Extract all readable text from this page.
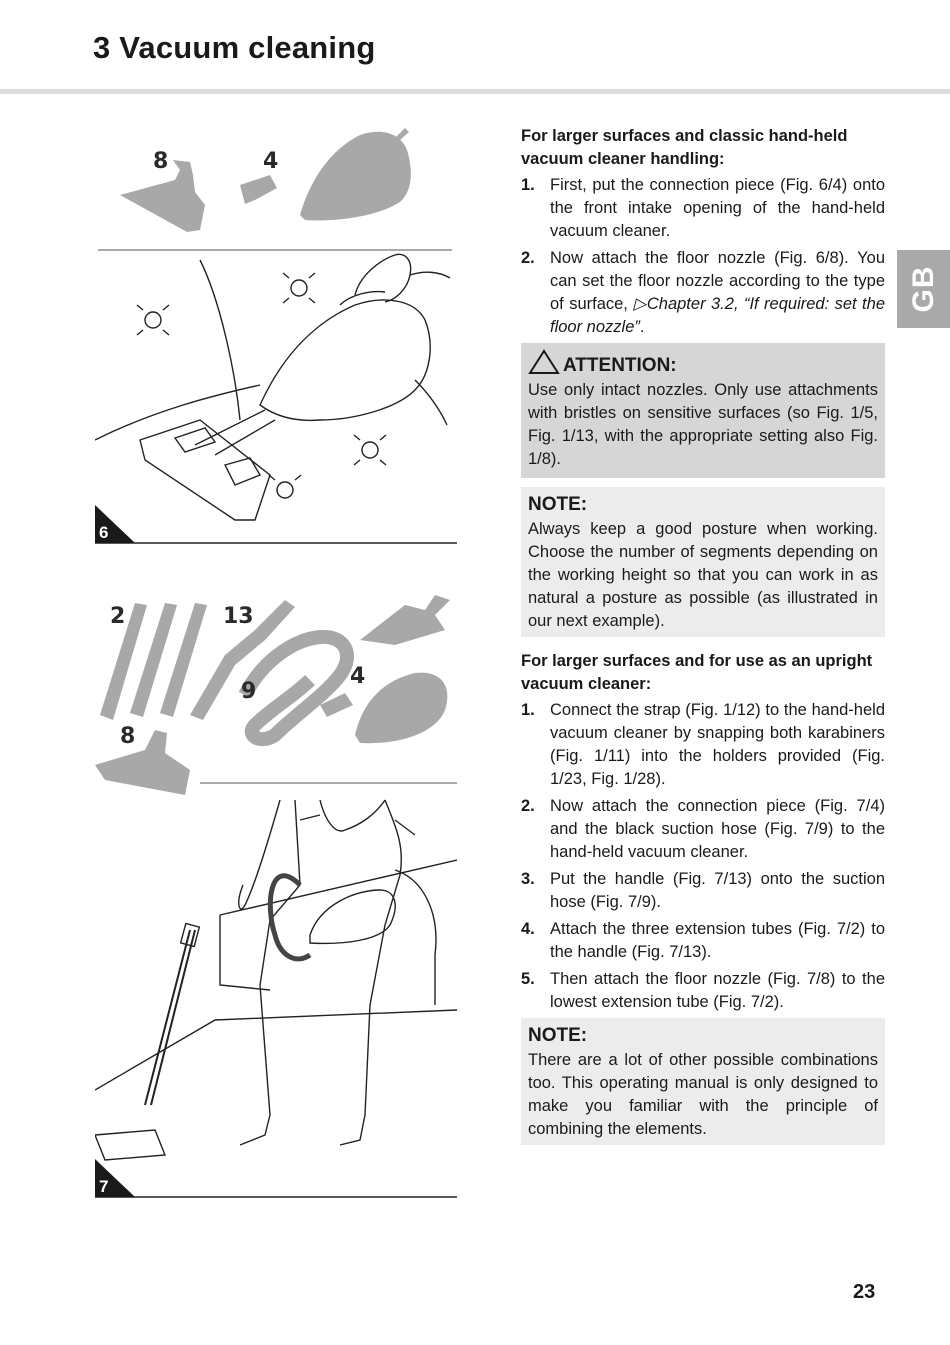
3 Vacuum cleaning
GB
8	4
6
2	13
9
4
8
7

For larger surfaces and classic hand-held vacuum cleaner handling:

1. First, put the connection piece (Fig. 6/4) onto the front intake opening of the hand-held vacuum cleaner.
2. Now attach the floor nozzle (Fig. 6/8). You can set the floor nozzle according to the type of surface, ▷Chapter 3.2, “If required: set the floor nozzle”.
ATTENTION:

Use only intact nozzles. Only use attachments with bristles on sensitive surfaces (so Fig. 1/5, Fig. 1/13, with the appropriate setting also Fig. 1/8).

NOTE:

Always keep a good posture when working. Choose the number of segments depending on the working height so that you can work in as natural a posture as possible (as illustrated in our next example).

For larger surfaces and for use as an upright vacuum cleaner:

1. Connect the strap (Fig. 1/12) to the hand-held vacuum cleaner by snapping both karabiners (Fig. 1/11) into the holders provided (Fig. 1/23, Fig. 1/28).
2. Now attach the connection piece (Fig. 7/4) and the black suction hose (Fig. 7/9) to the hand-held vacuum cleaner.
3. Put the handle (Fig. 7/13) onto the suction hose (Fig. 7/9).
4. Attach the three extension tubes (Fig. 7/2) to the handle (Fig. 7/13).
5. Then attach the floor nozzle (Fig. 7/8) to the lowest extension tube (Fig. 7/2).
NOTE:

There are a lot of other possible combinations too. This operating manual is only designed to make you familiar with the principle of combining the elements.

23
